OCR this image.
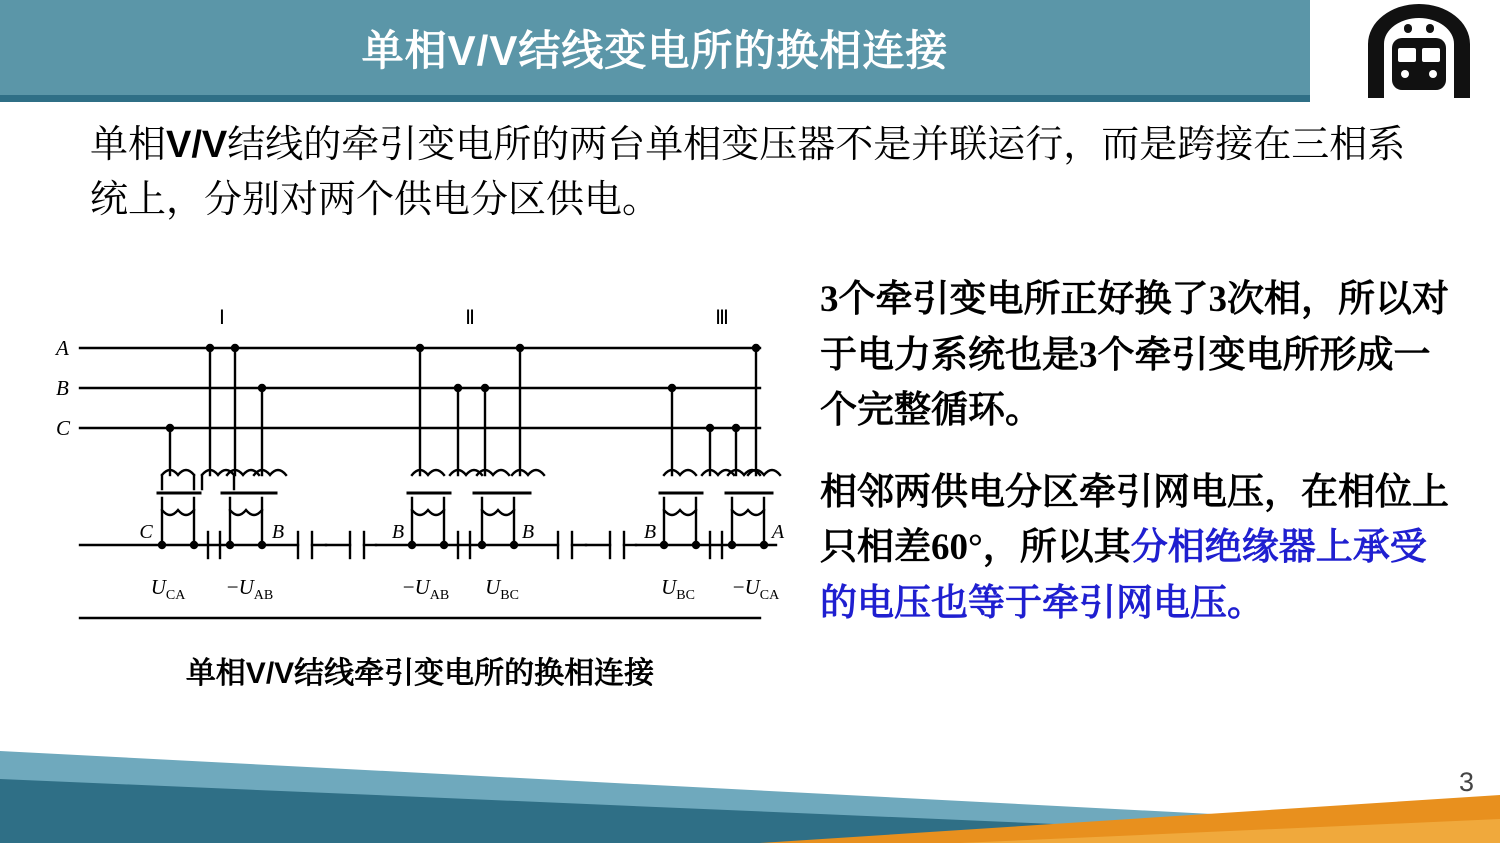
单相V/V结线变电所的换相连接
单相V/V结线的牵引变电所的两台单相变压器不是并联运行，而是跨接在三相系统上，分别对两个供电分区供电。

3个牵引变电所正好换了3次相，所以对于电力系统也是3个牵引变电所形成一个完整循环。

相邻两供电分区牵引网电压，在相位上只相差60°，所以其分相绝缘器上承受的电压也等于牵引网电压。

A
B
C
Ⅰ	Ⅱ	Ⅲ
C	B	B	B	B	A
$U_{CA} -U_{AB}$	$-U_{AB}$ $U_{BC}$	$U_{BC} -U_{CA}$
单相V/V结线牵引变电所的换相连接
3
